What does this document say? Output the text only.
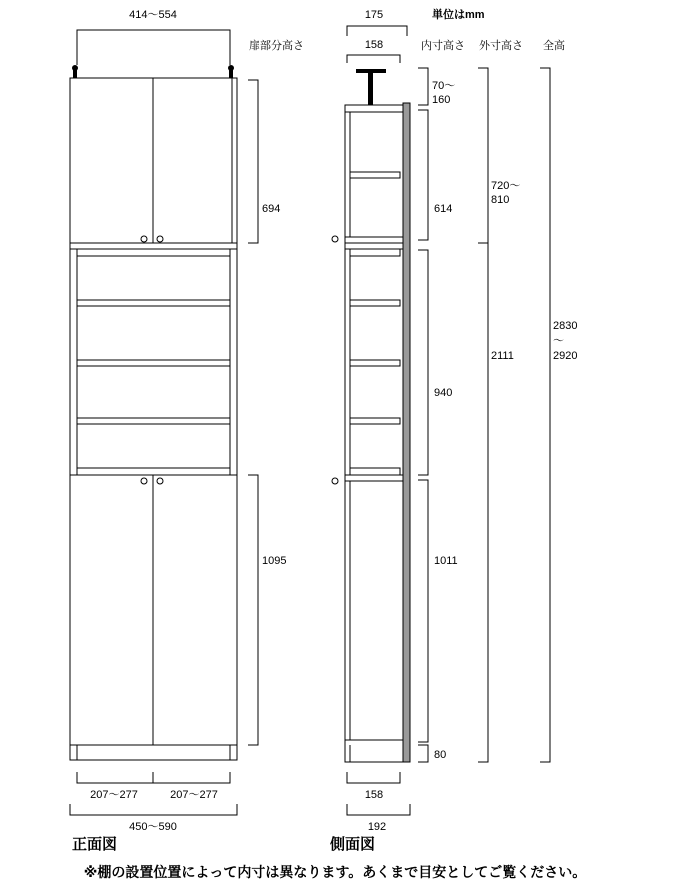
単位はmm
扉部分高さ	内寸高さ 外寸高さ 全高
414〜554
694
1095
207〜277	207〜277
450〜590
正面図
175
158
70〜
160
614
940
1011
80
720〜
810
2111
2830
〜
2920
158
192
側面図
※棚の設置位置によって内寸は異なります。あくまで目安としてご覧ください。
